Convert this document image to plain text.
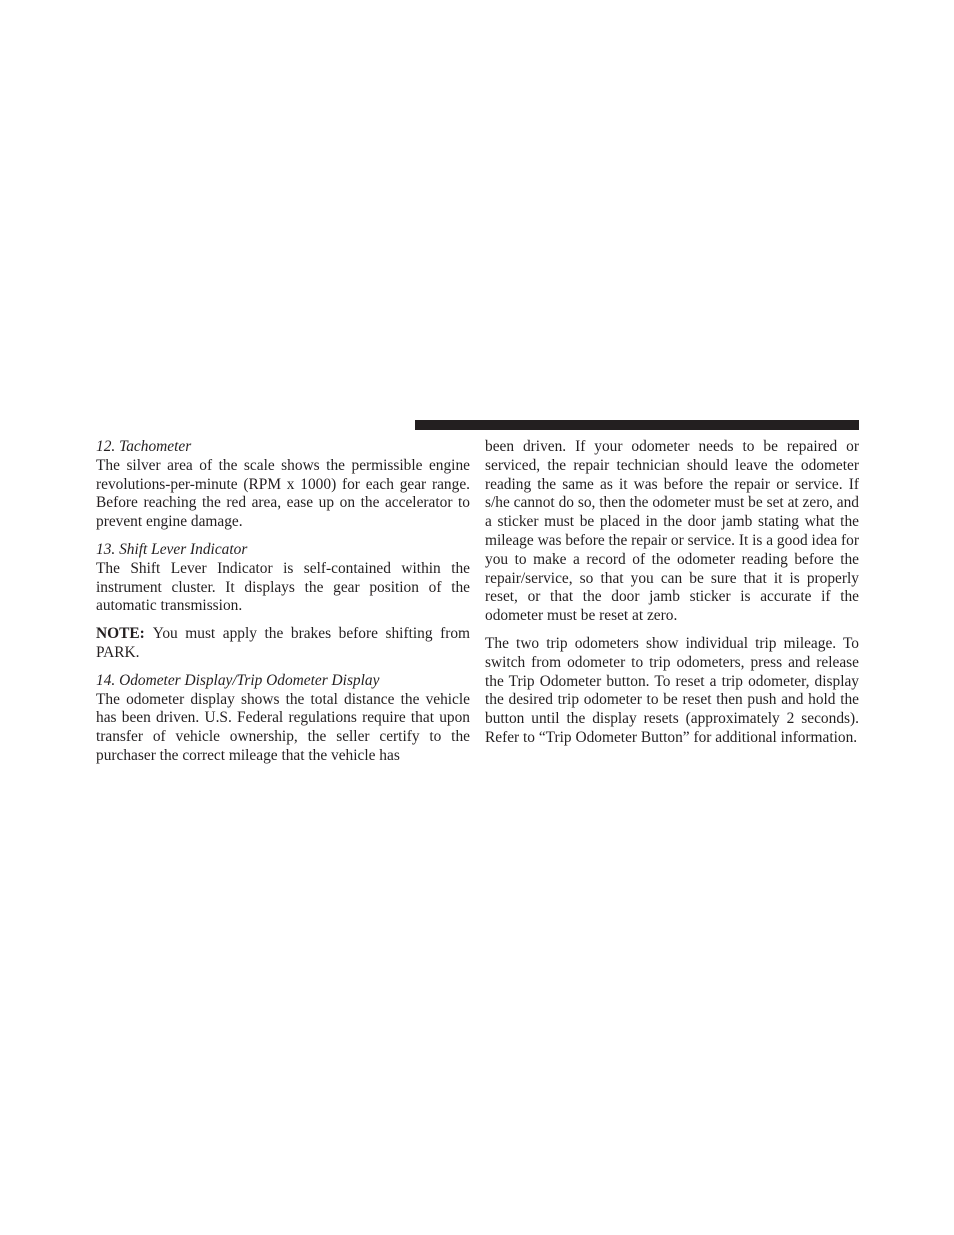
12. Tachometer

The silver area of the scale shows the permissible engine revolutions-per-minute (RPM x 1000) for each gear range. Before reaching the red area, ease up on the accelerator to prevent engine damage.

13. Shift Lever Indicator

The Shift Lever Indicator is self-contained within the instrument cluster. It displays the gear position of the automatic transmission.

NOTE: You must apply the brakes before shifting from PARK.

14. Odometer Display/Trip Odometer Display

The odometer display shows the total distance the vehicle has been driven. U.S. Federal regulations require that upon transfer of vehicle ownership, the seller certify to the purchaser the correct mileage that the vehicle has

been driven. If your odometer needs to be repaired or serviced, the repair technician should leave the odometer reading the same as it was before the repair or service. If s/he cannot do so, then the odometer must be set at zero, and a sticker must be placed in the door jamb stating what the mileage was before the repair or service. It is a good idea for you to make a record of the odometer reading before the repair/service, so that you can be sure that it is properly reset, or that the door jamb sticker is accurate if the odometer must be reset at zero.

The two trip odometers show individual trip mileage. To switch from odometer to trip odometers, press and release the Trip Odometer button. To reset a trip odometer, display the desired trip odometer to be reset then push and hold the button until the display resets (approximately 2 seconds). Refer to “Trip Odometer Button” for additional information.
